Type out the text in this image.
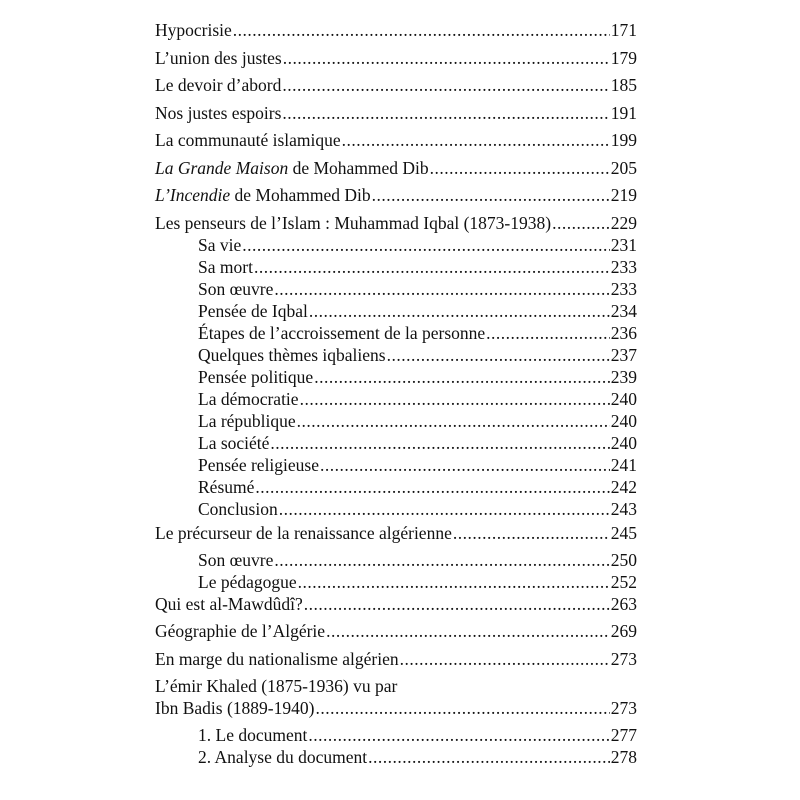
Hypocrisie .....	171
L’union des justes .....	179
Le devoir d’abord .....	185
Nos justes espoirs .....	191
La communauté islamique .....	199
La Grande Maison de Mohammed Dib .....	205
L’Incendie de Mohammed Dib .....	219
Les penseurs de l’Islam : Muhammad Iqbal (1873-1938) .....	229
Sa vie .....	231
Sa mort .....	233
Son œuvre .....	233
Pensée de Iqbal .....	234
Étapes de l’accroissement de la personne .....	236
Quelques thèmes iqbaliens .....	237
Pensée politique .....	239
La démocratie .....	240
La république .....	240
La société .....	240
Pensée religieuse .....	241
Résumé .....	242
Conclusion .....	243
Le précurseur de la renaissance algérienne .....	245
Son œuvre .....	250
Le pédagogue .....	252
Qui est al-Mawdûdî? .....	263
Géographie de l’Algérie .....	269
En marge du nationalisme algérien .....	273
L’émir Khaled (1875-1936) vu par
Ibn Badis (1889-1940) .....	273
1. Le document .....	277
2. Analyse du document .....	278
